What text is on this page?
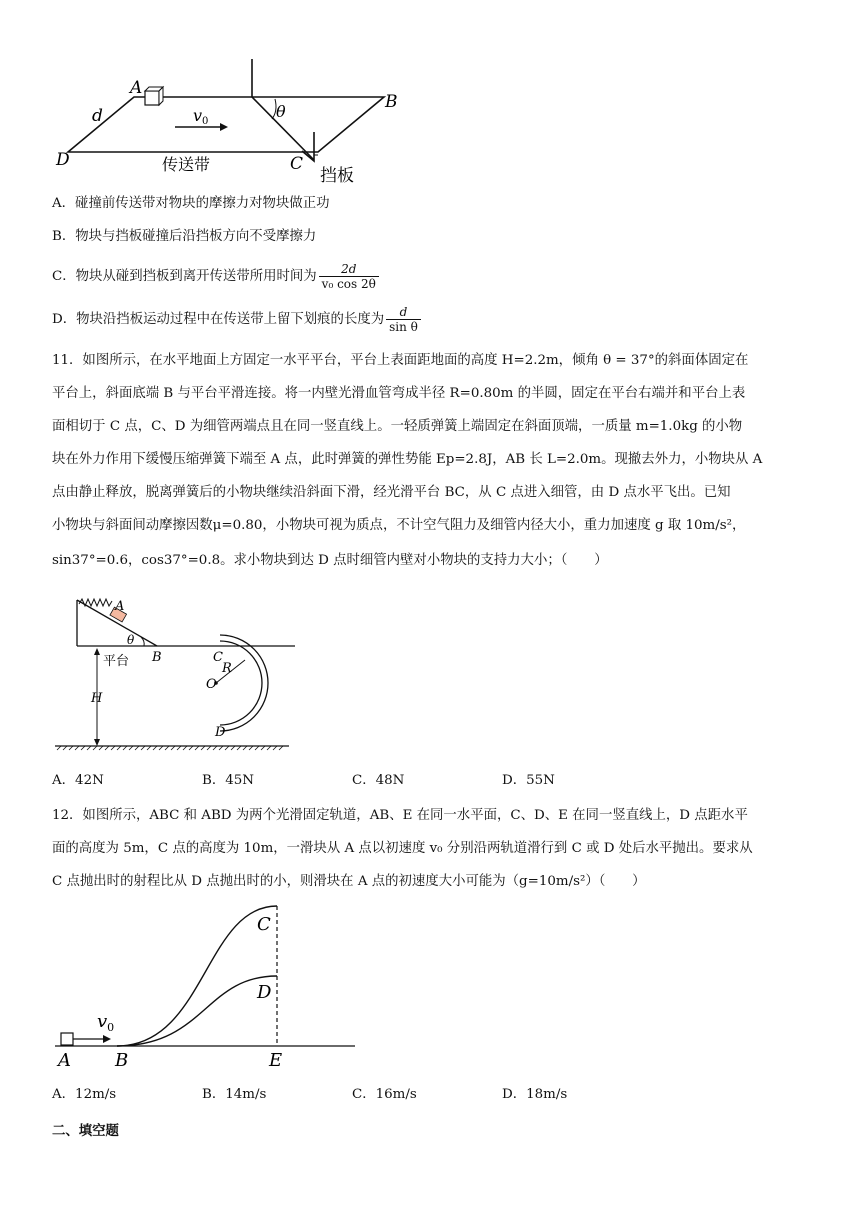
A
B
C
D
d	θ
v0
传送带
挡板
A．碰撞前传送带对物块的摩擦力对物块做正功
B．物块与挡板碰撞后沿挡板方向不受摩擦力
C．物块从碰到挡板到离开传送带所用时间为 $\frac{2d}{\text{v₀ cos 2θ}}$
D．物块沿挡板运动过程中在传送带上留下划痕的长度为 $\frac{d}{\text{sin θ}}$
11．如图所示，在水平地面上方固定一水平平台，平台上表面距地面的高度 H=2.2m，倾角 θ = 37°的斜面体固定在
平台上，斜面底端 B 与平台平滑连接。将一内壁光滑血管弯成半径 R=0.80m 的半圆，固定在平台右端并和平台上表
面相切于 C 点，C、D 为细管两端点且在同一竖直线上。一轻质弹簧上端固定在斜面顶端，一质量 m=1.0kg 的小物
块在外力作用下缓慢压缩弹簧下端至 A 点，此时弹簧的弹性势能 Ep=2.8J，AB 长 L=2.0m。现撤去外力，小物块从 A
点由静止释放，脱离弹簧后的小物块继续沿斜面下滑，经光滑平台 BC，从 C 点进入细管，由 D 点水平飞出。已知
小物块与斜面间动摩擦因数μ=0.80，小物块可视为质点，不计空气阻力及细管内径大小，重力加速度 g 取 10m/s²，
sin37°=0.6，cos37°=0.8。求小物块到达 D 点时细管内壁对小物块的支持力大小；（　　）
A
B	C
R
O
D
H
θ
平台
A．42N	B．45N	C．48N	D．55N
12．如图所示，ABC 和 ABD 为两个光滑固定轨道，AB、E 在同一水平面，C、D、E 在同一竖直线上，D 点距水平
面的高度为 5m，C 点的高度为 10m，一滑块从 A 点以初速度 v₀ 分别沿两轨道滑行到 C 或 D 处后水平抛出。要求从
C 点抛出时的射程比从 D 点抛出时的小，则滑块在 A 点的初速度大小可能为（g=10m/s²）（　　）
$v_0$
A B
C
D
E
A．12m/s	B．14m/s	C．16m/s	D．18m/s
二、填空题
